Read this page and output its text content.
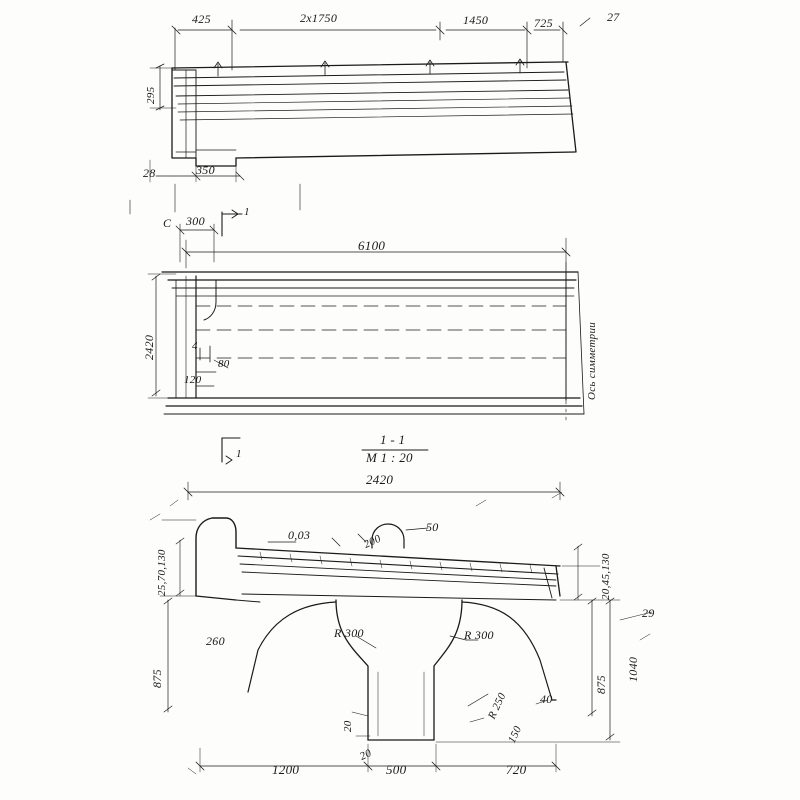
425	2x1750	1450	725	27
295
28	350
C 300
1
6100
2420	4
80
120	Ось симметрии
1
1 - 1
М 1 : 20
2420
0,03	200
50
25,70,130	20,45,130
29
260
R 300	R 300
875	875
1040
20
20
R 250
150
40
1200	500	720
